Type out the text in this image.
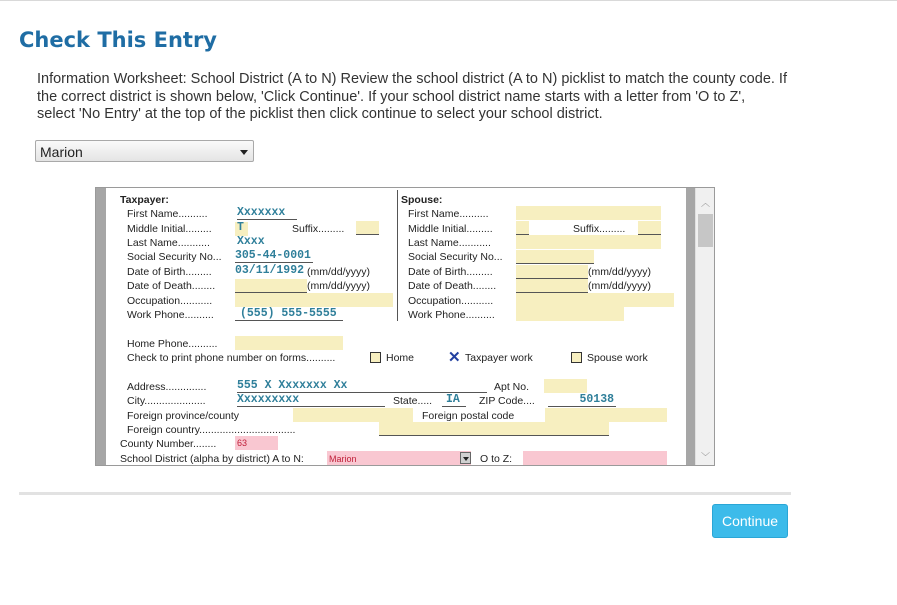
Check This Entry
Information Worksheet: School District (A to N) Review the school district (A to N) picklist to match the county code. If the correct district is shown below, 'Click Continue'. If your school district name starts with a letter from 'O to Z', select 'No Entry' at the top of the picklist then click continue to select your school district.
Marion
Taxpayer:
First Name..........	Xxxxxxx
Middle Initial......... T	Suffix.........
Last Name........... Xxxx
Social Security No... 305-44-0001
Date of Birth......... 03/11/1992 (mm/dd/yyyy)
Date of Death........	(mm/dd/yyyy)
Occupation...........
Work Phone..........	(555) 555-5555
Spouse:
First Name..........
Middle Initial.........	Suffix.........
Last Name...........
Social Security No...
Date of Birth.........	(mm/dd/yyyy)
Date of Death........	(mm/dd/yyyy)
Occupation...........
Work Phone..........
Home Phone..........
Check to print phone number on forms..........	Home ✕ Taxpayer work	Spouse work
Address..............	555 X Xxxxxxx Xx	Apt No.
City.....................	Xxxxxxxxx	State.....	IA	ZIP Code....	50138
Foreign province/county	Foreign postal code
Foreign country.................................
County Number........ 63
School District (alpha by district) A to N:	Marion	O to Z:
︿
﹀
Continue
